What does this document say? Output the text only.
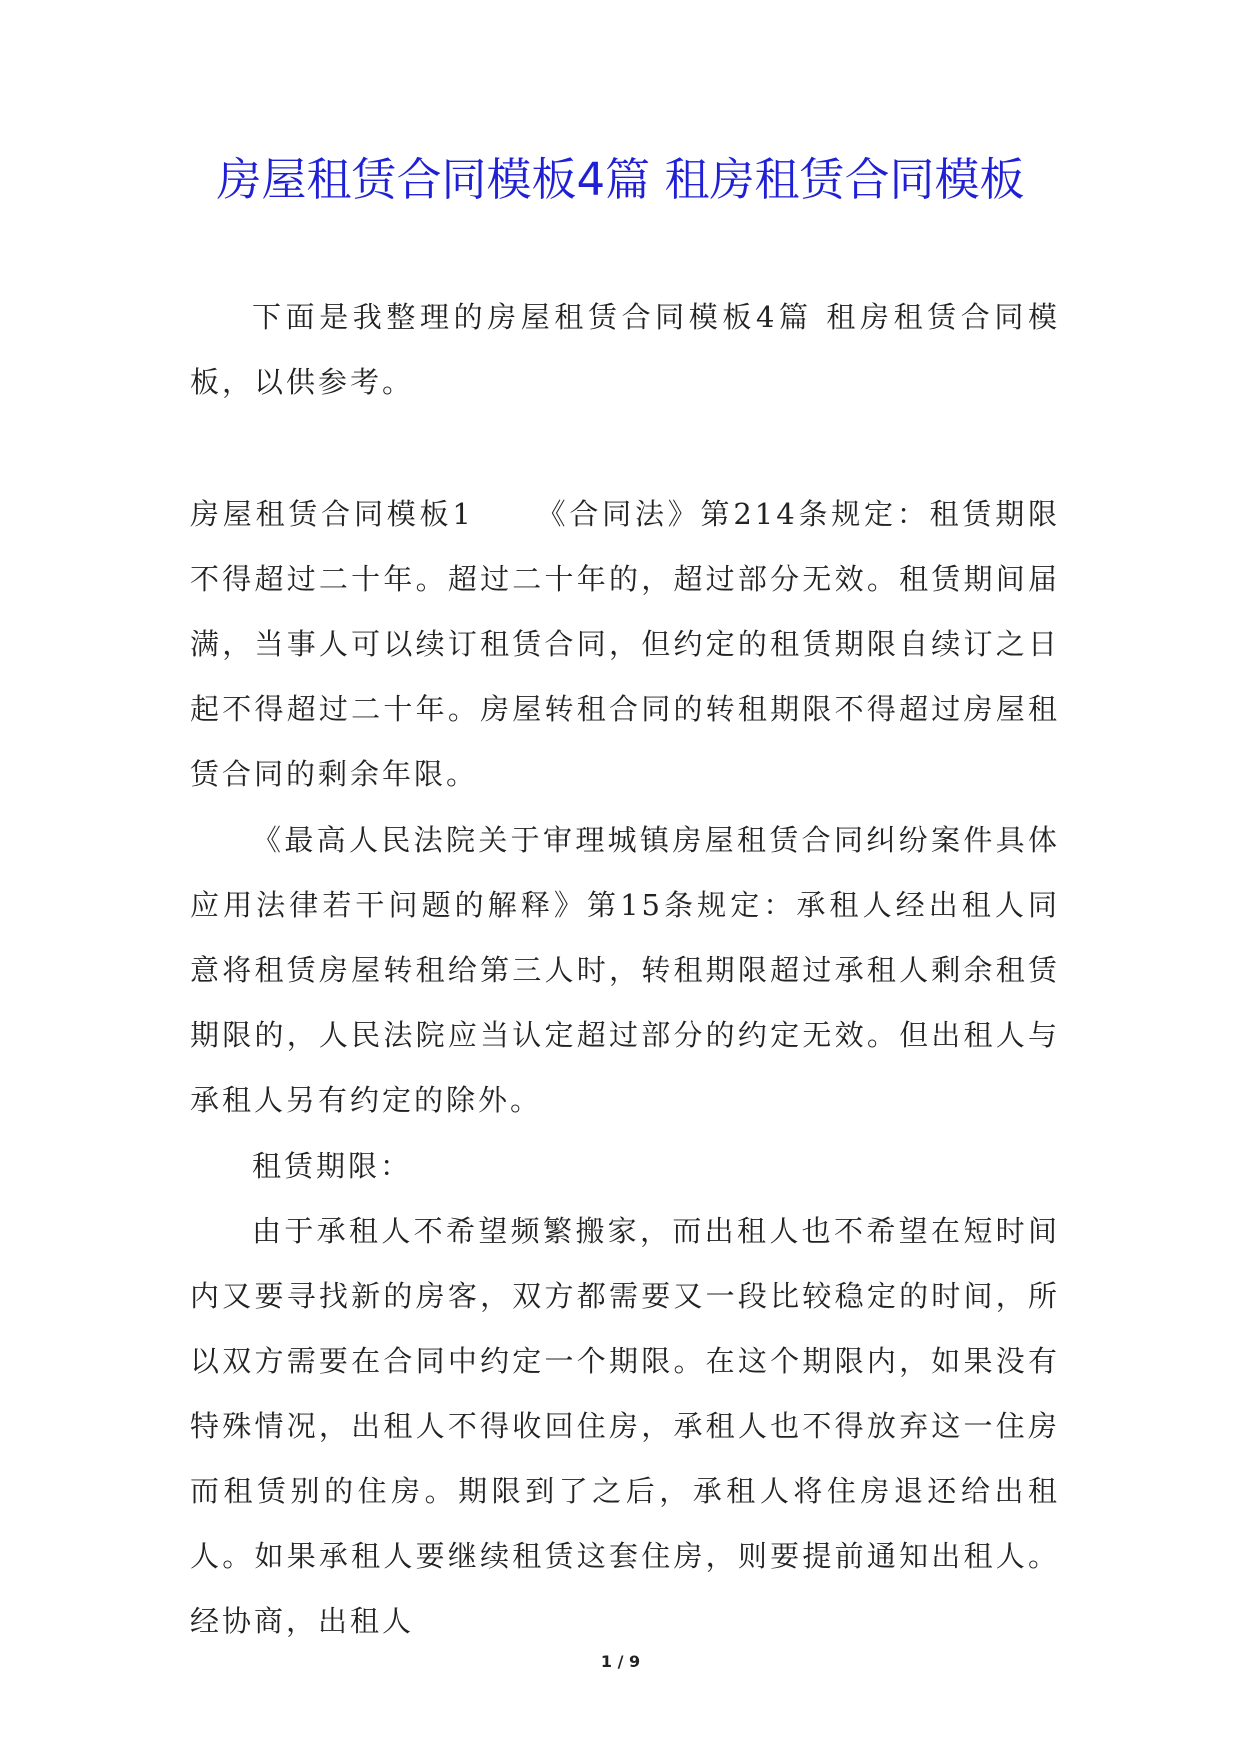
房屋租赁合同模板4篇 租房租赁合同模板

下面是我整理的房屋租赁合同模板4篇 租房租赁合同模板，以供参考。

房屋租赁合同模板1 《合同法》第214条规定：租赁期限不得超过二十年。超过二十年的，超过部分无效。租赁期间届满，当事人可以续订租赁合同，但约定的租赁期限自续订之日起不得超过二十年。房屋转租合同的转租期限不得超过房屋租赁合同的剩余年限。

《最高人民法院关于审理城镇房屋租赁合同纠纷案件具体应用法律若干问题的解释》第15条规定：承租人经出租人同意将租赁房屋转租给第三人时，转租期限超过承租人剩余租赁期限的，人民法院应当认定超过部分的约定无效。但出租人与承租人另有约定的除外。

租赁期限：

由于承租人不希望频繁搬家，而出租人也不希望在短时间内又要寻找新的房客，双方都需要又一段比较稳定的时间，所以双方需要在合同中约定一个期限。在这个期限内，如果没有特殊情况，出租人不得收回住房，承租人也不得放弃这一住房而租赁别的住房。期限到了之后，承租人将住房退还给出租人。如果承租人要继续租赁这套住房，则要提前通知出租人。经协商，出租人

1 / 9
